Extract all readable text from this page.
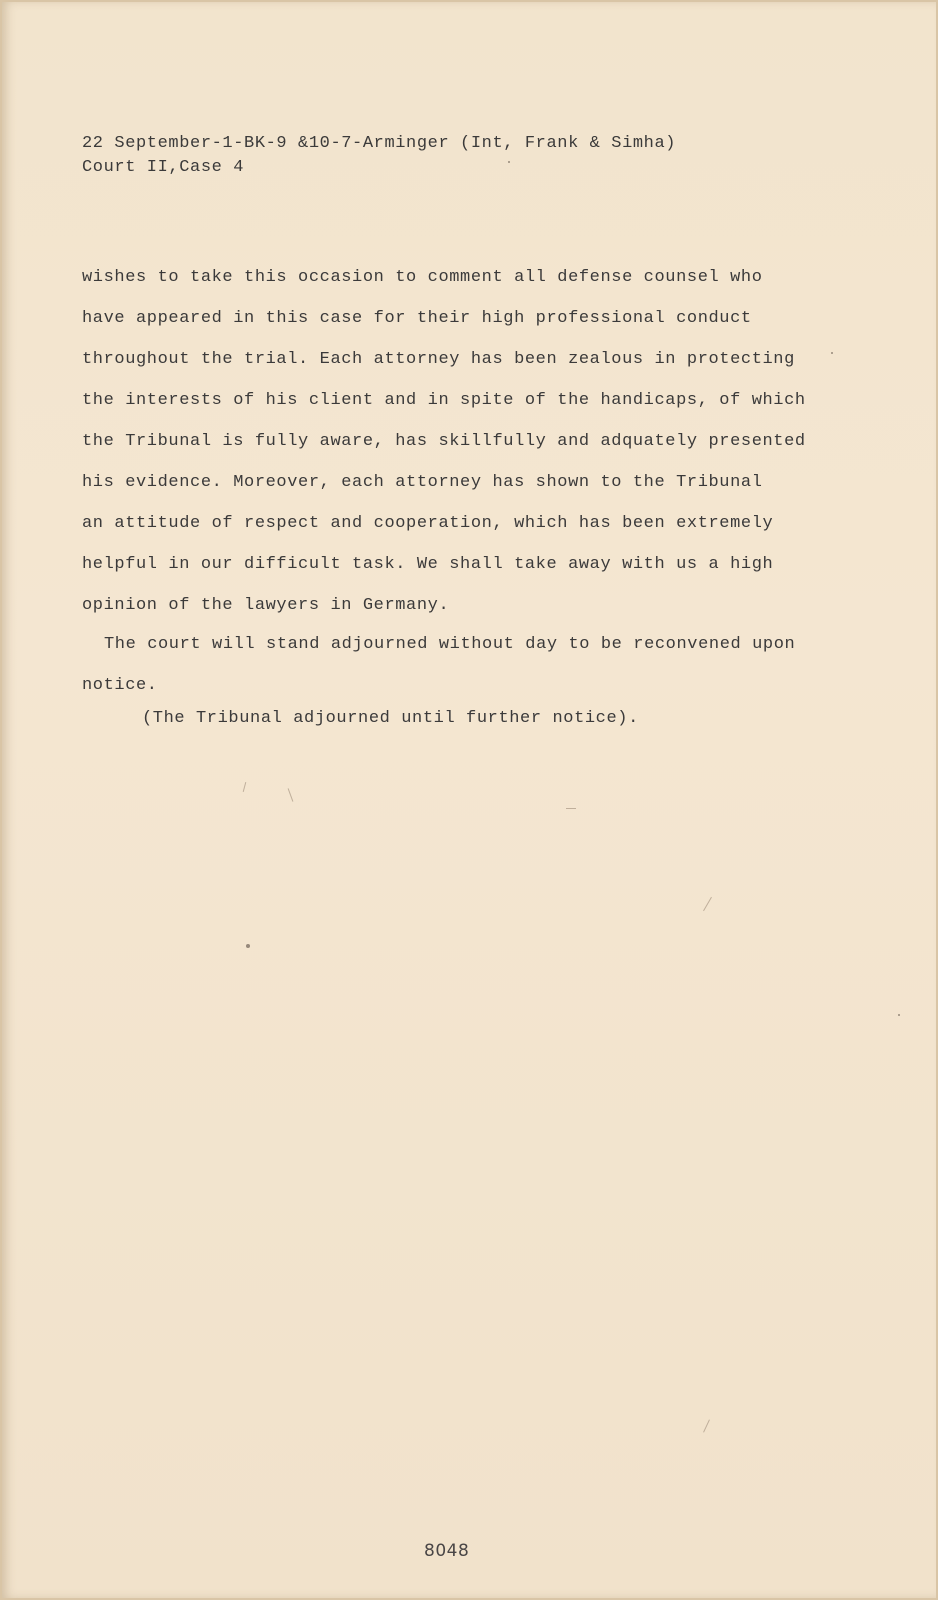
22 September-1-BK-9 &10-7-Arminger (Int, Frank & Simha)
Court II,Case 4
wishes to take this occasion to comment all defense counsel who
have appeared in this case for their high professional conduct
throughout the trial. Each attorney has been zealous in protecting
the interests of his client and in spite of the handicaps, of which
the Tribunal is fully aware, has skillfully and adquately presented
his evidence. Moreover, each attorney has shown to the Tribunal
an attitude of respect and cooperation, which has been extremely
helpful in our difficult task. We shall take away with us a high
opinion of the lawyers in Germany.
The court will stand adjourned without day to be reconvened upon
notice.
(The Tribunal adjourned until further notice).
8048
